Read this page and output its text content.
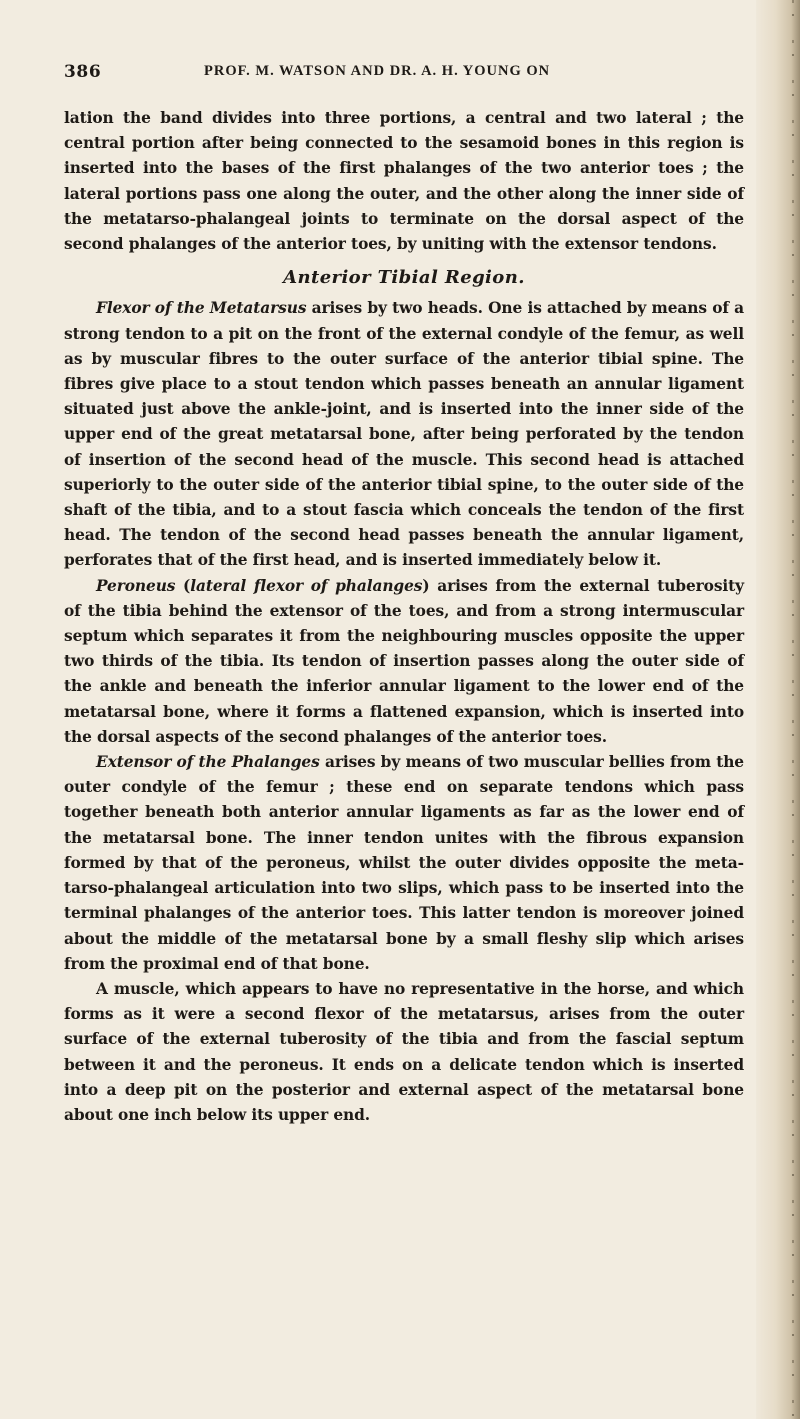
386	PROF. M. WATSON AND DR. A. H. YOUNG ON

lation the band divides into three portions, a central and two lateral ; the central portion after being connected to the sesamoid bones in this region is inserted into the bases of the first phalanges of the two anterior toes ; the lateral portions pass one along the outer, and the other along the inner side of the metatarso-phalangeal joints to terminate on the dorsal aspect of the second phalanges of the anterior toes, by uniting with the extensor tendons.

Anterior Tibial Region.

Flexor of the Metatarsus arises by two heads. One is attached by means of a strong tendon to a pit on the front of the external condyle of the femur, as well as by muscular fibres to the outer surface of the anterior tibial spine. The fibres give place to a stout tendon which passes beneath an annular ligament situated just above the ankle-joint, and is inserted into the inner side of the upper end of the great metatarsal bone, after being perforated by the tendon of insertion of the second head of the muscle. This second head is attached superiorly to the outer side of the anterior tibial spine, to the outer side of the shaft of the tibia, and to a stout fascia which conceals the tendon of the first head. The tendon of the second head passes beneath the annular ligament, perforates that of the first head, and is inserted immediately below it.

Peroneus (lateral flexor of phalanges) arises from the external tuberosity of the tibia behind the extensor of the toes, and from a strong intermuscular septum which separates it from the neighbouring muscles opposite the upper two thirds of the tibia. Its tendon of insertion passes along the outer side of the ankle and beneath the inferior annular ligament to the lower end of the metatarsal bone, where it forms a flattened expansion, which is inserted into the dorsal aspects of the second phalanges of the anterior toes.

Extensor of the Phalanges arises by means of two muscular bellies from the outer condyle of the femur ; these end on separate tendons which pass together beneath both anterior annular ligaments as far as the lower end of the metatarsal bone. The inner tendon unites with the fibrous expansion formed by that of the peroneus, whilst the outer divides opposite the metatarso-phalangeal articulation into two slips, which pass to be inserted into the terminal phalanges of the anterior toes. This latter tendon is moreover joined about the middle of the metatarsal bone by a small fleshy slip which arises from the proximal end of that bone.

A muscle, which appears to have no representative in the horse, and which forms as it were a second flexor of the metatarsus, arises from the outer surface of the external tuberosity of the tibia and from the fascial septum between it and the peroneus. It ends on a delicate tendon which is inserted into a deep pit on the posterior and external aspect of the metatarsal bone about one inch below its upper end.
